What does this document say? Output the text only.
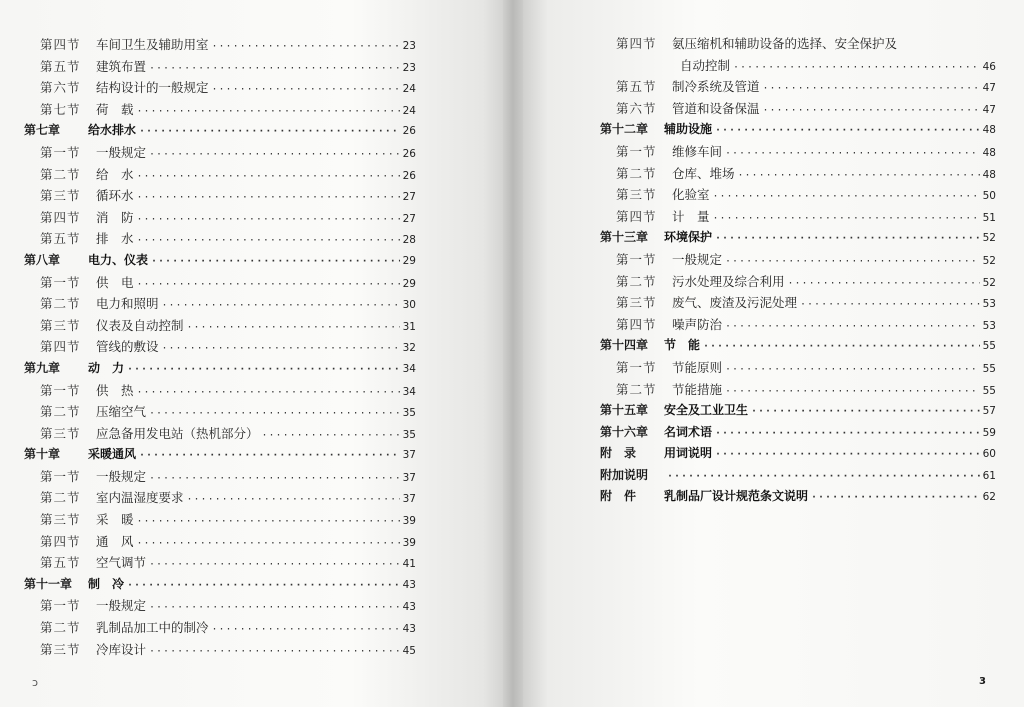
第四节	车间卫生及辅助用室 ·····	23
第五节	建筑布置 ·····	23
第六节	结构设计的一般规定 ·····	24
第七节	荷　载 ·····	24
第七章	给水排水 ·····	26
第一节	一般规定 ·····	26
第二节	给　水 ·····	26
第三节	循环水 ·····	27
第四节	消　防 ·····	27
第五节	排　水 ·····	28
第八章	电力、仪表 ·····	29
第一节	供　电 ·····	29
第二节	电力和照明 ·····	30
第三节	仪表及自动控制 ·····	31
第四节	管线的敷设 ·····	32
第九章	动　力 ·····	34
第一节	供　热 ·····	34
第二节	压缩空气 ·····	35
第三节	应急备用发电站（热机部分） ·····	35
第十章	采暖通风 ·····	37
第一节	一般规定 ·····	37
第二节	室内温湿度要求 ·····	37
第三节	采　暖 ·····	39
第四节	通　风 ·····	39
第五节	空气调节 ·····	41
第十一章	制　冷 ·····	43
第一节	一般规定 ·····	43
第二节	乳制品加工中的制冷 ·····	43
第三节	冷库设计 ·····	45
ɔ
第四节	氨压缩机和辅助设备的选择、安全保护及
自动控制 ·····	46
第五节	制冷系统及管道 ·····	47
第六节	管道和设备保温 ·····	47
第十二章	辅助设施 ·····	48
第一节	维修车间 ·····	48
第二节	仓库、堆场 ·····	48
第三节	化验室 ·····	50
第四节	计　量 ·····	51
第十三章	环境保护 ·····	52
第一节	一般规定 ·····	52
第二节	污水处理及综合利用 ·····	52
第三节	废气、废渣及污泥处理 ·····	53
第四节	噪声防治 ·····	53
第十四章	节　能 ·····	55
第一节	节能原则 ·····	55
第二节	节能措施 ·····	55
第十五章	安全及工业卫生 ·····	57
第十六章	名词术语 ·····	59
附　录	用词说明 ·····	60
附加说明 ·····	61
附　件	乳制品厂设计规范条文说明 ·····	62
3
